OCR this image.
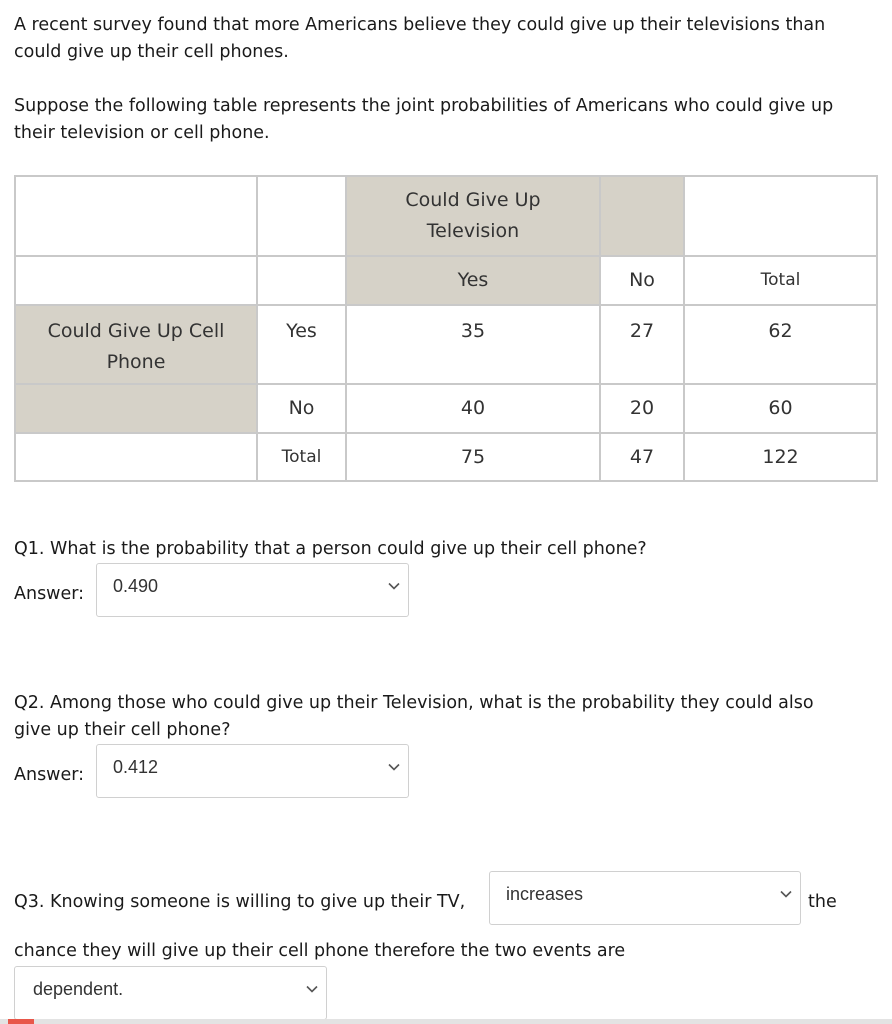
A recent survey found that more Americans believe they could give up their televisions than
could give up their cell phones.

Suppose the following table represents the joint probabilities of Americans who could give up
their television or cell phone.

		Could Give Up
Television		
		Yes	No	Total
Could Give Up Cell
Phone	Yes	35	27	62
	No	40	20	60
	Total	75	47	122

Q1. What is the probability that a person could give up their cell phone?

Answer: 0.490

Q2. Among those who could give up their Television, what is the probability they could also
give up their cell phone?

Answer: 0.412
Q3. Knowing someone is willing to give up their TV, increases	the
chance they will give up their cell phone therefore the two events are
dependent.
